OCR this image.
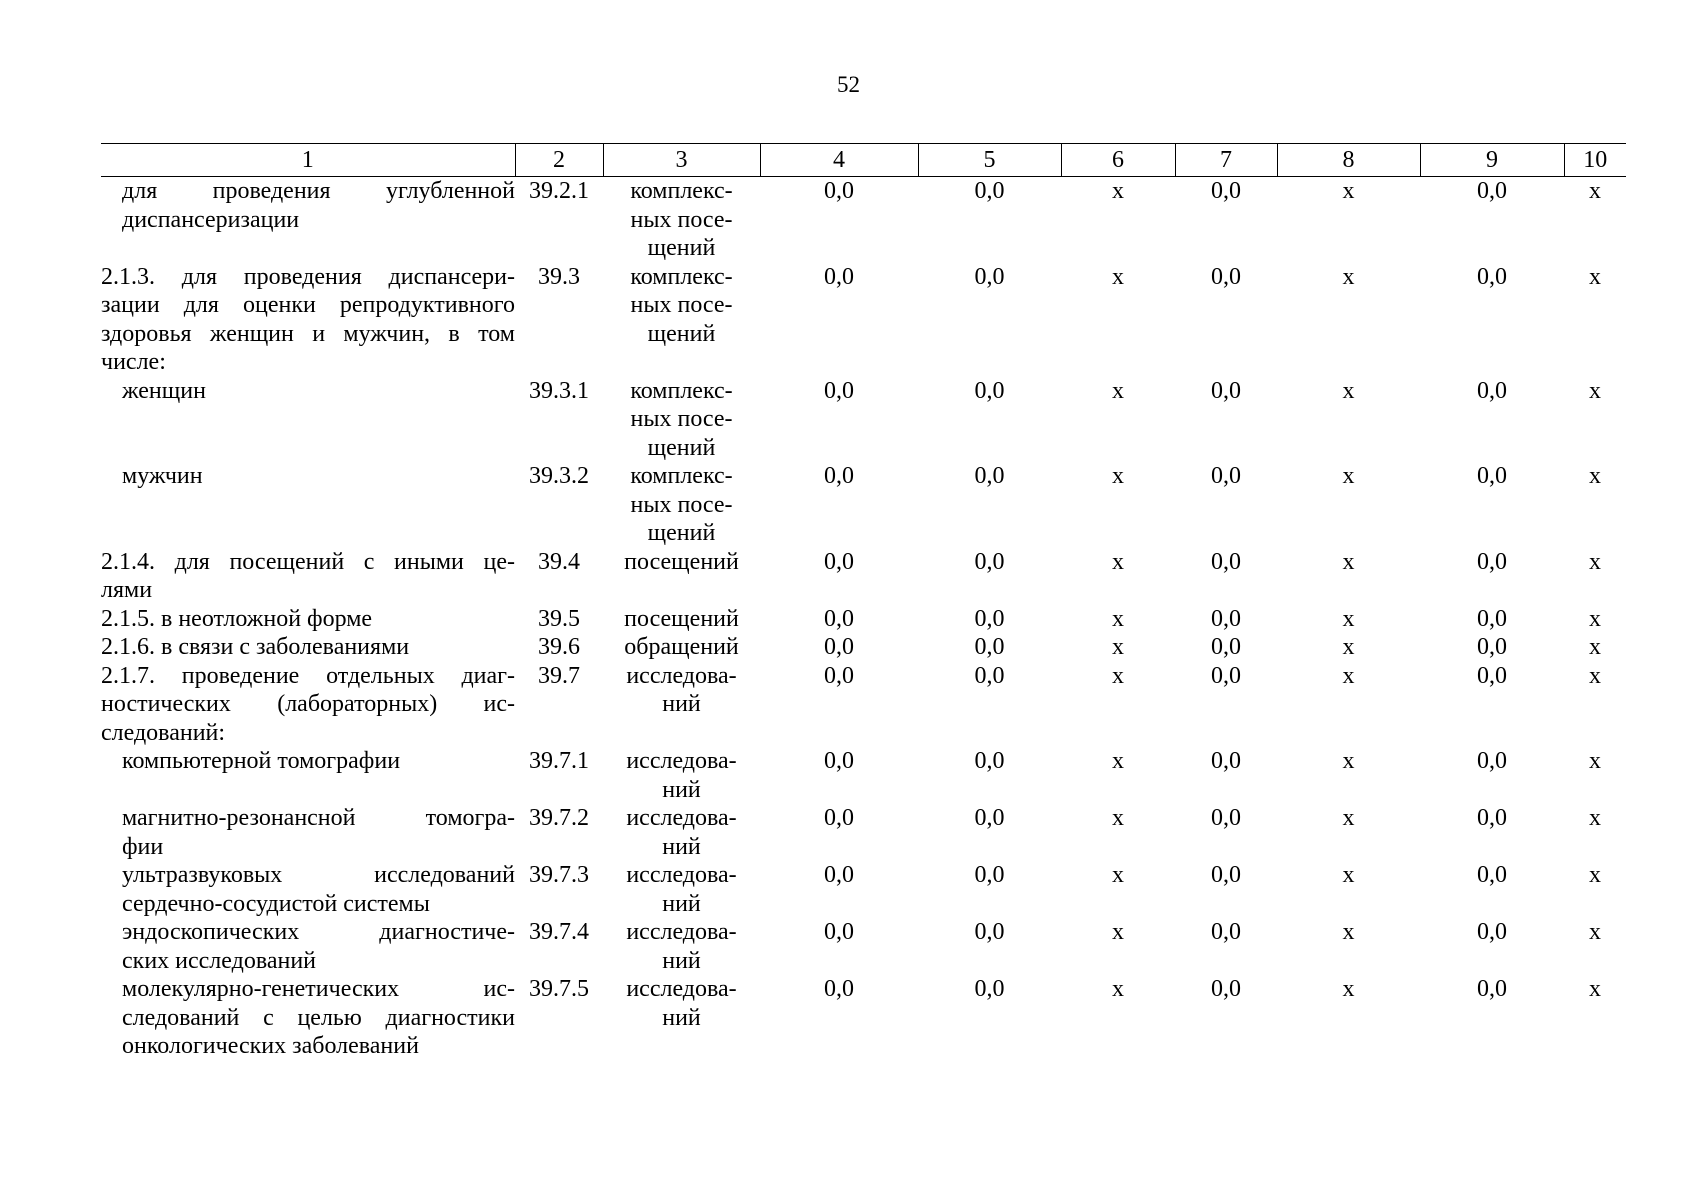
52
1	2	3	4	5	6	7	8	9	10

для проведения углубленной
диспансеризации	39.2.1	комплекс-
ных посе-
щений	0,0	0,0	х	0,0	х	0,0	х

2.1.3. для проведения диспансери-
зации для оценки репродуктивного
здоровья женщин и мужчин, в том
числе:	39.3	комплекс-
ных посе-
щений	0,0	0,0	х	0,0	х	0,0	х

женщин	39.3.1	комплекс-
ных посе-
щений	0,0	0,0	х	0,0	х	0,0	х

мужчин	39.3.2	комплекс-
ных посе-
щений	0,0	0,0	х	0,0	х	0,0	х

2.1.4. для посещений с иными це-
лями	39.4	посещений	0,0	0,0	х	0,0	х	0,0	х

2.1.5. в неотложной форме	39.5	посещений	0,0	0,0	х	0,0	х	0,0	х

2.1.6. в связи с заболеваниями	39.6	обращений	0,0	0,0	х	0,0	х	0,0	х

2.1.7. проведение отдельных диаг-
ностических (лабораторных) ис-
следований:	39.7	исследова-
ний	0,0	0,0	х	0,0	х	0,0	х

компьютерной томографии	39.7.1	исследова-
ний	0,0	0,0	х	0,0	х	0,0	х

магнитно-резонансной томогра-
фии	39.7.2	исследова-
ний	0,0	0,0	х	0,0	х	0,0	х

ультразвуковых исследований
сердечно-сосудистой системы	39.7.3	исследова-
ний	0,0	0,0	х	0,0	х	0,0	х

эндоскопических диагностиче-
ских исследований	39.7.4	исследова-
ний	0,0	0,0	х	0,0	х	0,0	х

молекулярно-генетических ис-
следований с целью диагностики
онкологических заболеваний	39.7.5	исследова-
ний	0,0	0,0	х	0,0	х	0,0	х
